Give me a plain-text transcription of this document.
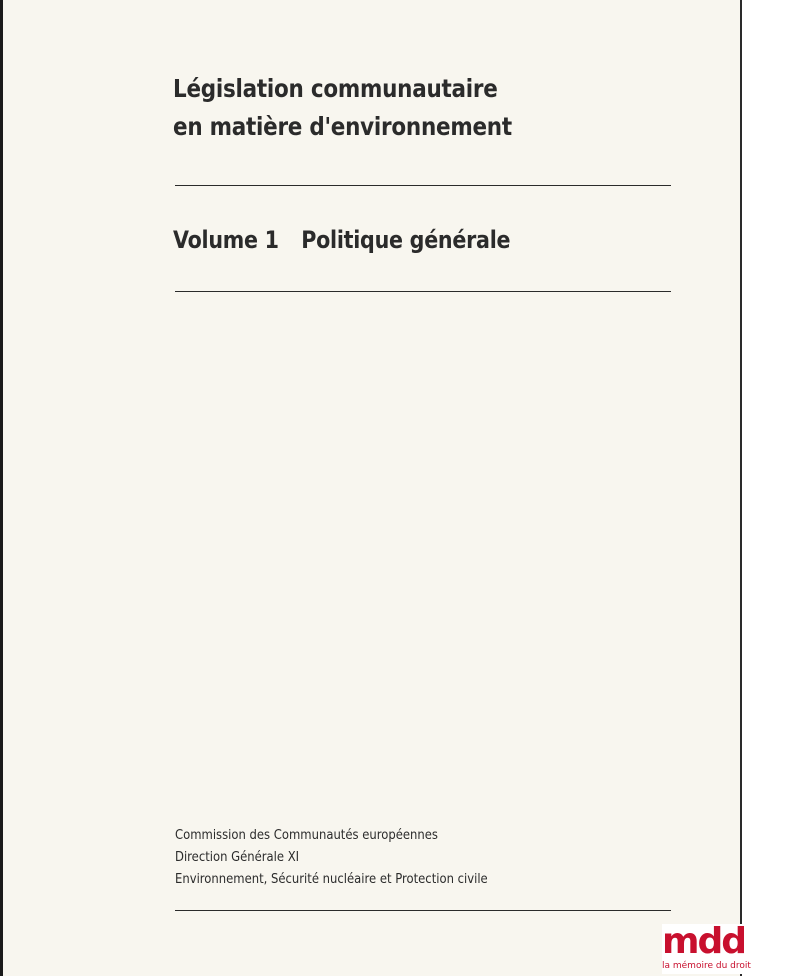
Législation communautaire
en matière d'environnement
Volume 1 Politique générale
Commission des Communautés européennes
Direction Générale XI
Environnement, Sécurité nucléaire et Protection civile
mdd
la mémoire du droit
